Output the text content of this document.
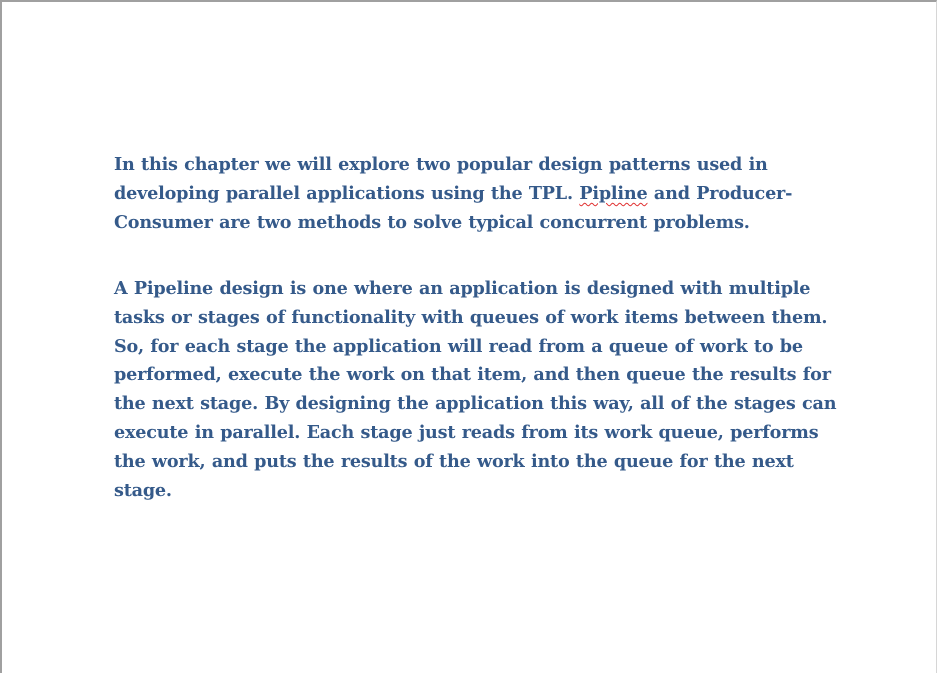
In this chapter we will explore two popular design patterns used in developing parallel applications using the TPL. Pipline and Producer-Consumer are two methods to solve typical concurrent problems.

A Pipeline design is one where an application is designed with multiple tasks or stages of functionality with queues of work items between them. So, for each stage the application will read from a queue of work to be performed, execute the work on that item, and then queue the results for the next stage. By designing the application this way, all of the stages can execute in parallel. Each stage just reads from its work queue, performs the work, and puts the results of the work into the queue for the next stage.
